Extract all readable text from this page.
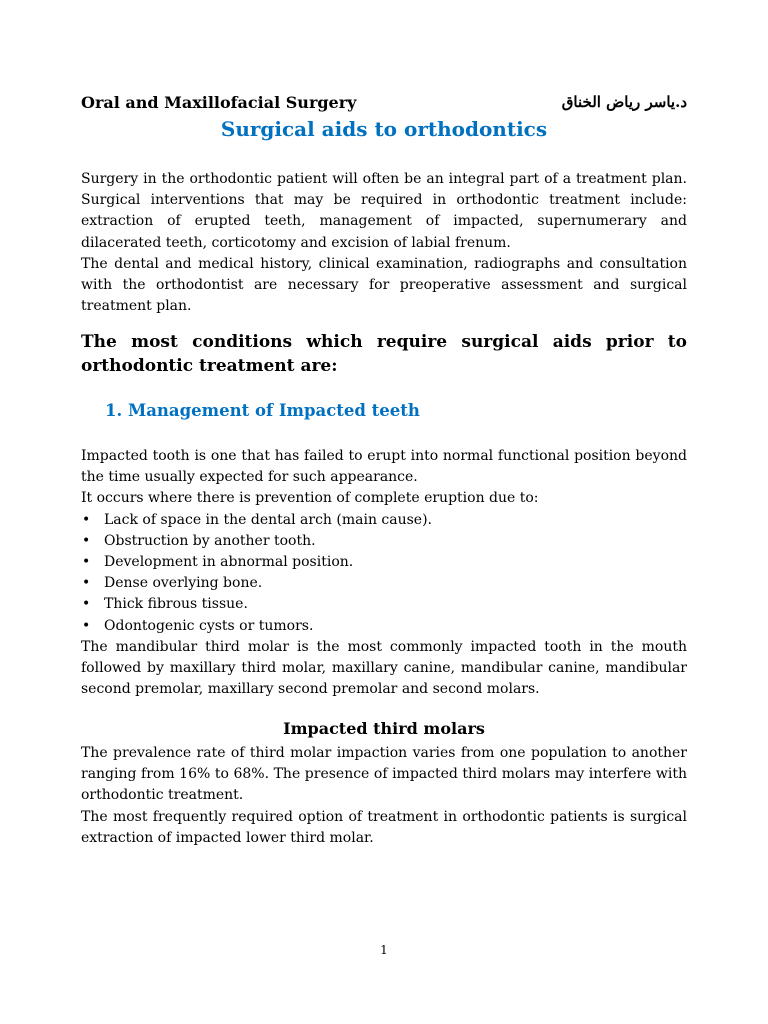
Oral and Maxillofacial Surgery	د.ياسر رياض الخناق
Surgical aids to orthodontics

Surgery in the orthodontic patient will often be an integral part of a treatment plan. Surgical interventions that may be required in orthodontic treatment include: extraction of erupted teeth, management of impacted, supernumerary and dilacerated teeth, corticotomy and excision of labial frenum.

The dental and medical history, clinical examination, radiographs and consultation with the orthodontist are necessary for preoperative assessment and surgical treatment plan.

The most conditions which require surgical aids prior to orthodontic treatment are:
1. Management of Impacted teeth

Impacted tooth is one that has failed to erupt into normal functional position beyond the time usually expected for such appearance.

It occurs where there is prevention of complete eruption due to:

• Lack of space in the dental arch (main cause).
• Obstruction by another tooth.
• Development in abnormal position.
• Dense overlying bone.
• Thick fibrous tissue.
• Odontogenic cysts or tumors.

The mandibular third molar is the most commonly impacted tooth in the mouth followed by maxillary third molar, maxillary canine, mandibular canine, mandibular second premolar, maxillary second premolar and second molars.

Impacted third molars

The prevalence rate of third molar impaction varies from one population to another ranging from 16% to 68%. The presence of impacted third molars may interfere with orthodontic treatment.

The most frequently required option of treatment in orthodontic patients is surgical extraction of impacted lower third molar.

1
